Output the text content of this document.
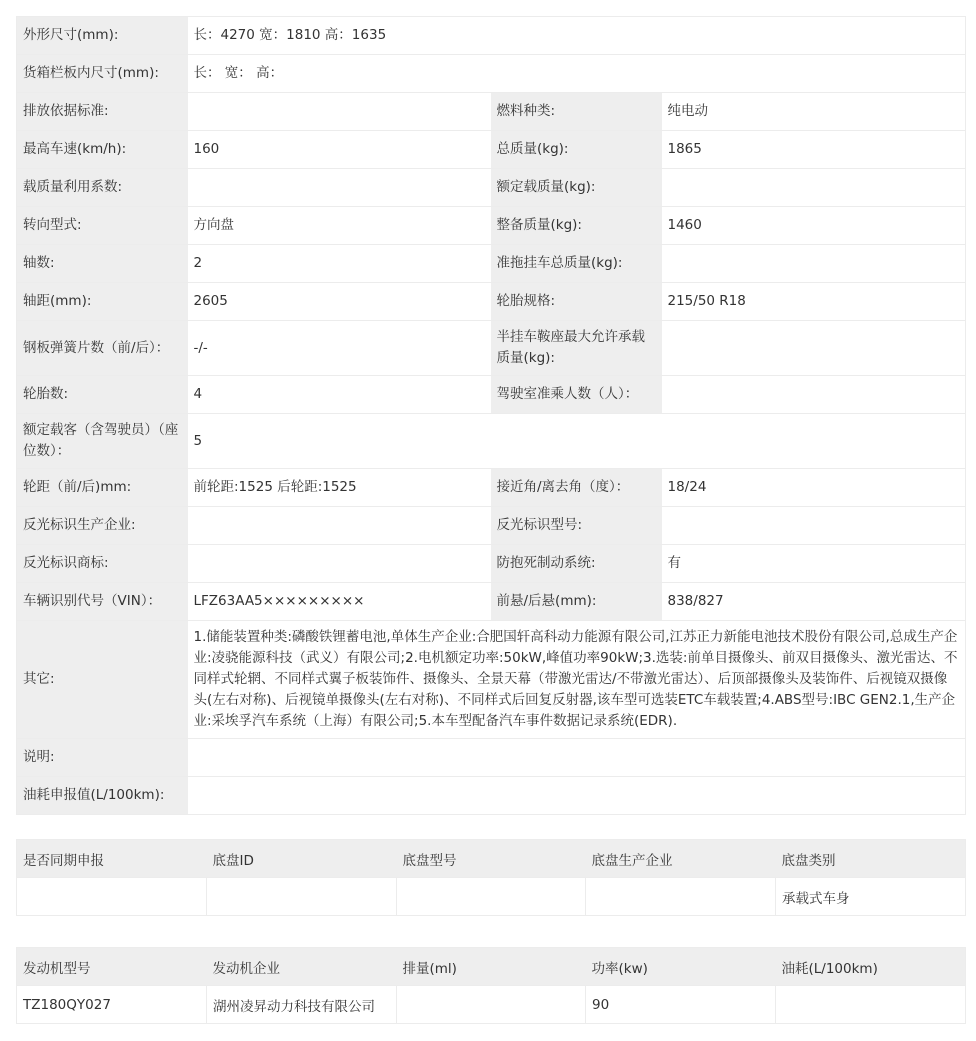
外形尺寸(mm):	长：4270 宽：1810 高：1635		
货箱栏板内尺寸(mm):	长： 宽： 高：		
排放依据标准:		燃料种类:	纯电动
最高车速(km/h):	160	总质量(kg):	1865
载质量利用系数:		额定载质量(kg):	
转向型式:	方向盘	整备质量(kg):	1460
轴数:	2	准拖挂车总质量(kg):	
轴距(mm):	2605	轮胎规格:	215/50 R18
钢板弹簧片数（前/后）：	-/-	半挂车鞍座最大允许承载质量(kg):	
轮胎数:	4	驾驶室准乘人数（人）：	
额定载客（含驾驶员）（座位数）：	5		
轮距（前/后)mm:	前轮距:1525 后轮距:1525	接近角/离去角（度）：	18/24
反光标识生产企业:		反光标识型号:	
反光标识商标:		防抱死制动系统:	有
车辆识别代号（VIN）：	LFZ63AA5×××××××××	前悬/后悬(mm):	838/827
其它:	1.储能装置种类:磷酸铁锂蓄电池,单体生产企业:合肥国轩高科动力能源有限公司,江苏正力新能电池技术股份有限公司,总成生产企业:凌骁能源科技（武义）有限公司;2.电机额定功率:50kW,峰值功率90kW;3.选装:前单目摄像头、前双目摄像头、激光雷达、不同样式轮辋、不同样式翼子板装饰件、摄像头、全景天幕（带激光雷达/不带激光雷达）、后顶部摄像头及装饰件、后视镜双摄像头(左右对称)、后视镜单摄像头(左右对称)、不同样式后回复反射器,该车型可选装ETC车载装置;4.ABS型号:IBC GEN2.1,生产企业:采埃孚汽车系统（上海）有限公司;5.本车型配备汽车事件数据记录系统(EDR).		
说明:			
油耗申报值(L/100km):			
是否同期申报	底盘ID	底盘型号	底盘生产企业	底盘类别
				承载式车身
发动机型号	发动机企业	排量(ml)	功率(kw)	油耗(L/100km)
TZ180QY027	湖州凌昇动力科技有限公司		90	
